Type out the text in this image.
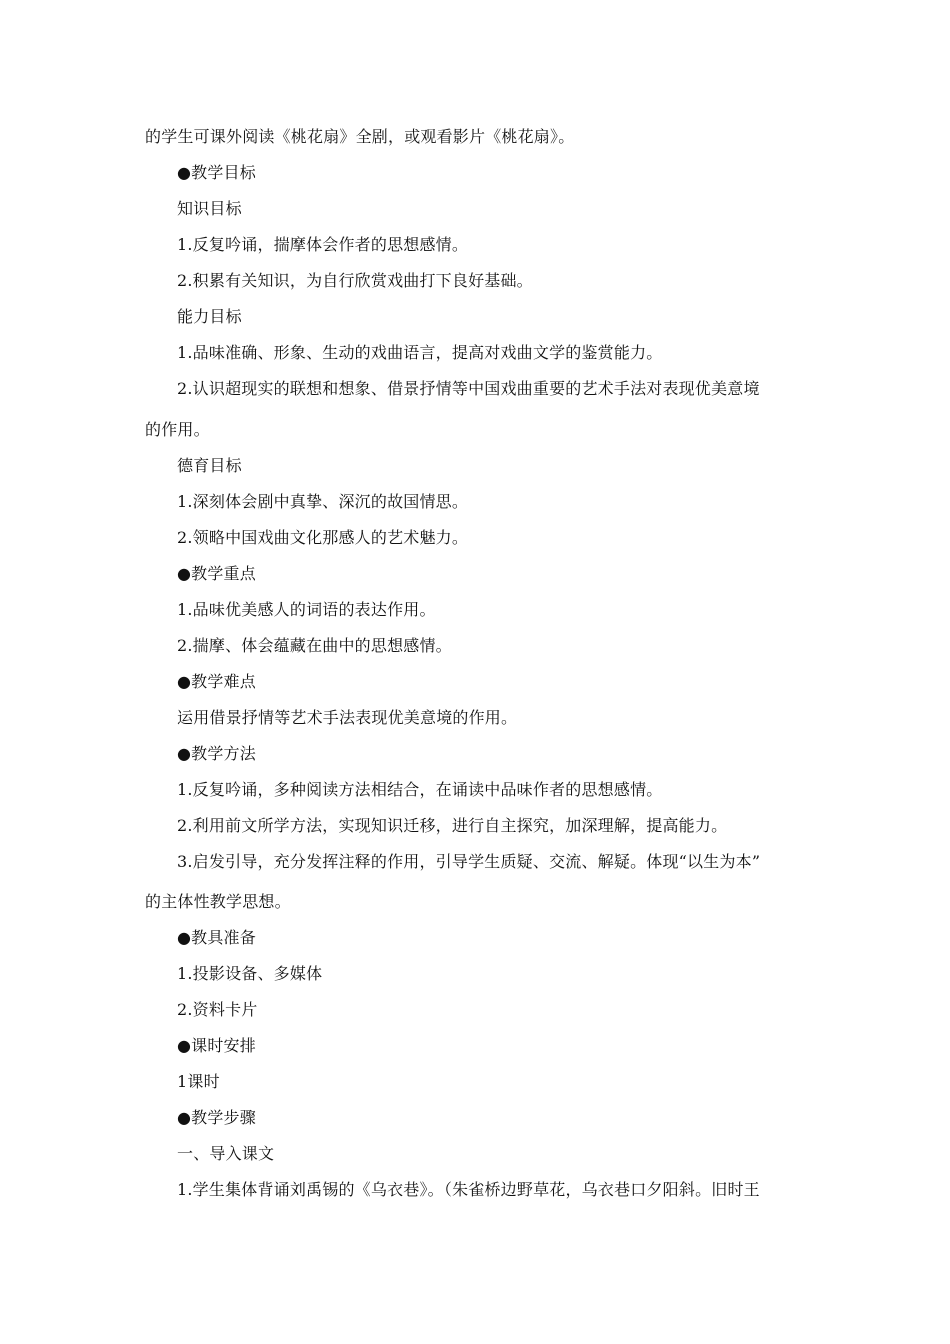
的学生可课外阅读《桃花扇》全剧，或观看影片《桃花扇》。
●教学目标
知识目标
1.反复吟诵，揣摩体会作者的思想感情。
2.积累有关知识，为自行欣赏戏曲打下良好基础。
能力目标
1.品味准确、形象、生动的戏曲语言，提高对戏曲文学的鉴赏能力。
2.认识超现实的联想和想象、借景抒情等中国戏曲重要的艺术手法对表现优美意境
的作用。
德育目标
1.深刻体会剧中真挚、深沉的故国情思。
2.领略中国戏曲文化那感人的艺术魅力。
●教学重点
1.品味优美感人的词语的表达作用。
2.揣摩、体会蕴藏在曲中的思想感情。
●教学难点
运用借景抒情等艺术手法表现优美意境的作用。
●教学方法
1.反复吟诵，多种阅读方法相结合，在诵读中品味作者的思想感情。
2.利用前文所学方法，实现知识迁移，进行自主探究，加深理解，提高能力。
3.启发引导，充分发挥注释的作用，引导学生质疑、交流、解疑。体现“以生为本”
的主体性教学思想。
●教具准备
1.投影设备、多媒体
2.资料卡片
●课时安排
1课时
●教学步骤
一、导入课文
1.学生集体背诵刘禹锡的《乌衣巷》。（朱雀桥边野草花，乌衣巷口夕阳斜。旧时王
